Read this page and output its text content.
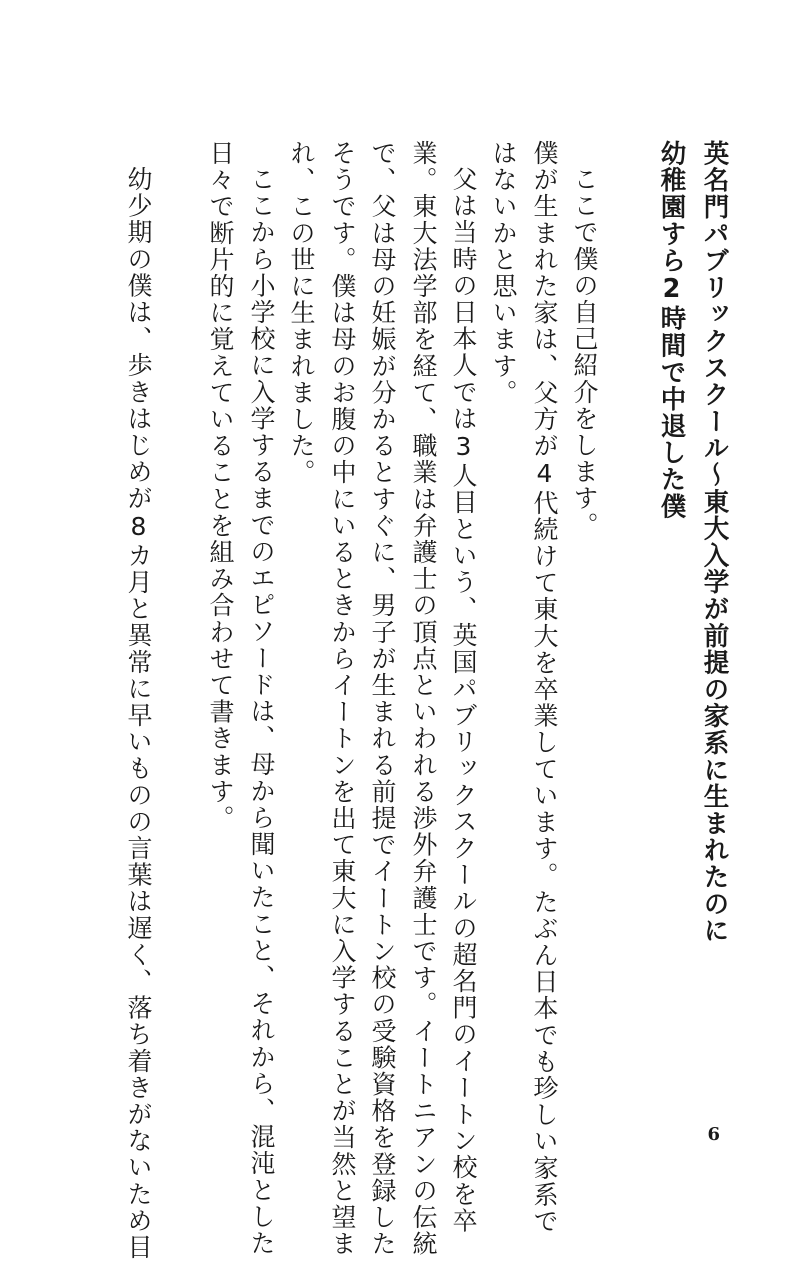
英名門パブリックスクール～東大入学が前提の家系に生まれたのに
幼稚園すら2時間で中退した僕
ここで僕の自己紹介をします。
僕が生まれた家は、父方が4代続けて東大を卒業しています。たぶん日本でも珍しい家系で
はないかと思います。
父は当時の日本人では3人目という、英国パブリックスクールの超名門のイートン校を卒
業。東大法学部を経て、職業は弁護士の頂点といわれる渉外弁護士です。イートニアンの伝統
で、父は母の妊娠が分かるとすぐに、男子が生まれる前提でイートン校の受験資格を登録した
そうです。僕は母のお腹の中にいるときからイートンを出て東大に入学することが当然と望ま
れ、この世に生まれました。
ここから小学校に入学するまでのエピソードは、母から聞いたこと、それから、混沌とした
日々で断片的に覚えていることを組み合わせて書きます。
幼少期の僕は、歩きはじめが8カ月と異常に早いものの言葉は遅く、落ち着きがないため目	6
